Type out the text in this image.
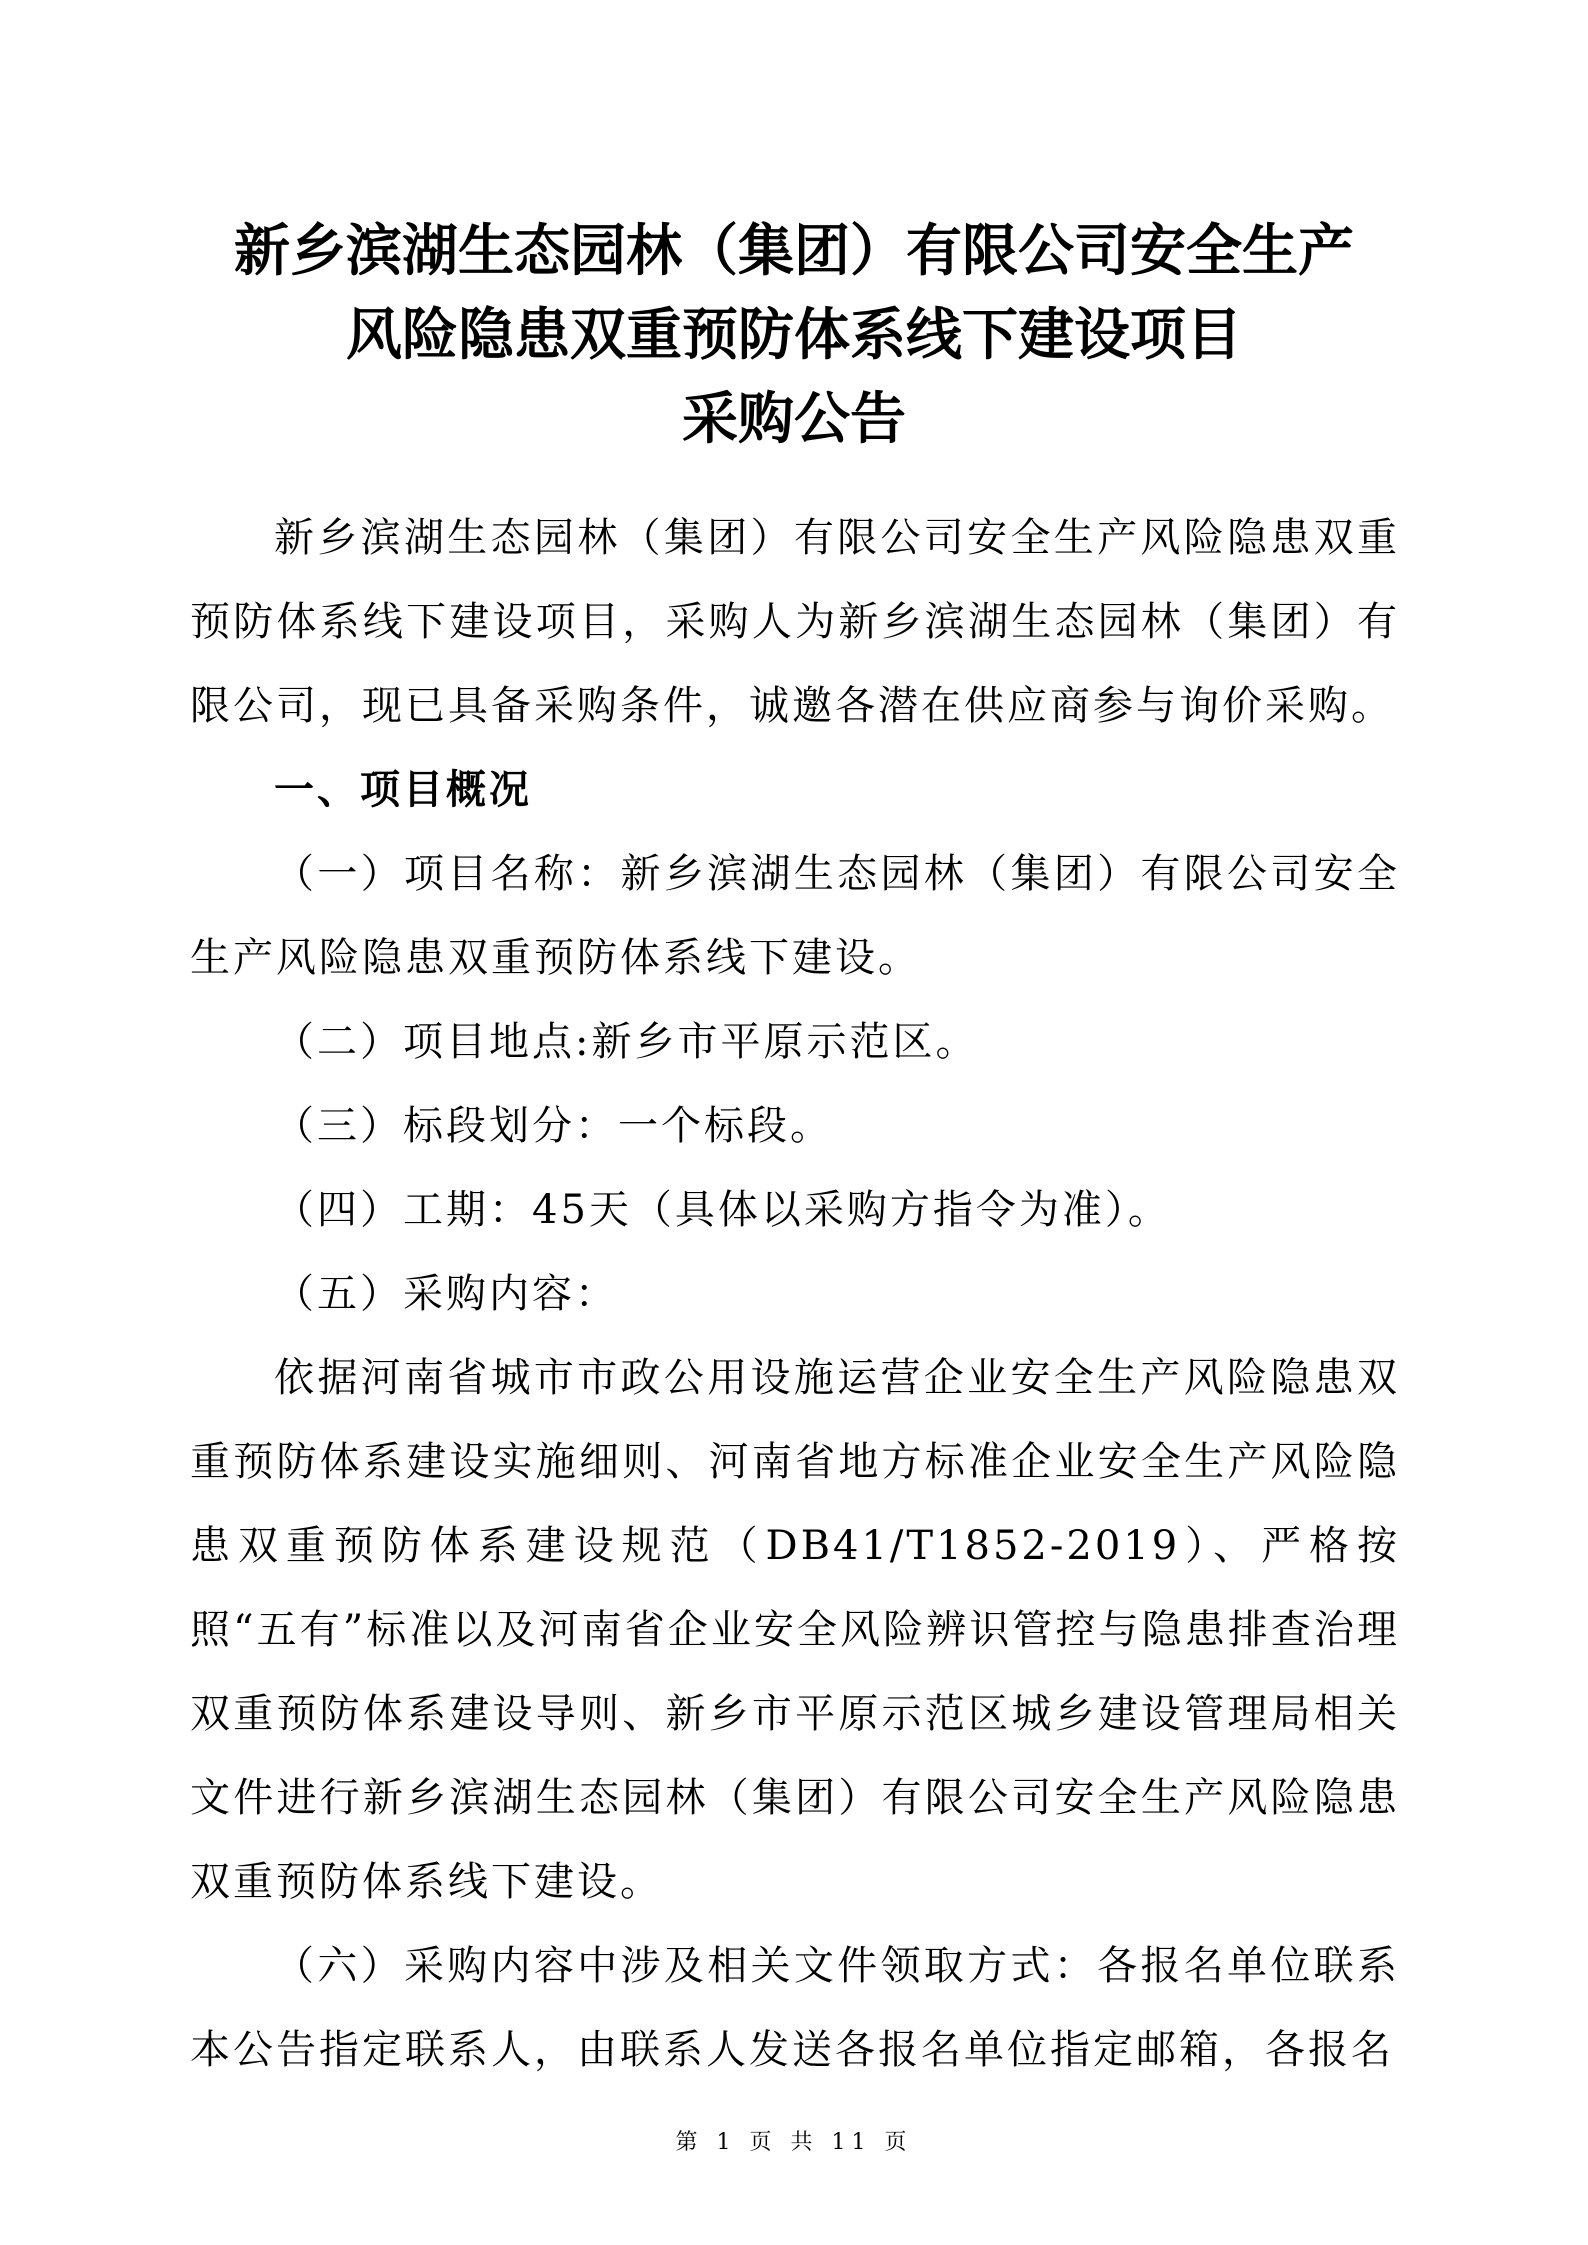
新乡滨湖生态园林（集团）有限公司安全生产
风险隐患双重预防体系线下建设项目
采购公告

新乡滨湖生态园林（集团）有限公司安全生产风险隐患双重预防体系线下建设项目，采购人为新乡滨湖生态园林（集团）有限公司，现已具备采购条件，诚邀各潜在供应商参与询价采购。

一、项目概况

（一）项目名称：新乡滨湖生态园林（集团）有限公司安全生产风险隐患双重预防体系线下建设。

（二）项目地点:新乡市平原示范区。

（三）标段划分：一个标段。

（四）工期：45天（具体以采购方指令为准）。

（五）采购内容：

依据河南省城市市政公用设施运营企业安全生产风险隐患双重预防体系建设实施细则、河南省地方标准企业安全生产风险隐患双重预防体系建设规范（DB41/T1852-2019）、严格按照“五有”标准以及河南省企业安全风险辨识管控与隐患排查治理双重预防体系建设导则、新乡市平原示范区城乡建设管理局相关文件进行新乡滨湖生态园林（集团）有限公司安全生产风险隐患双重预防体系线下建设。

（六）采购内容中涉及相关文件领取方式：各报名单位联系本公告指定联系人，由联系人发送各报名单位指定邮箱，各报名

第 1 页 共 11 页
